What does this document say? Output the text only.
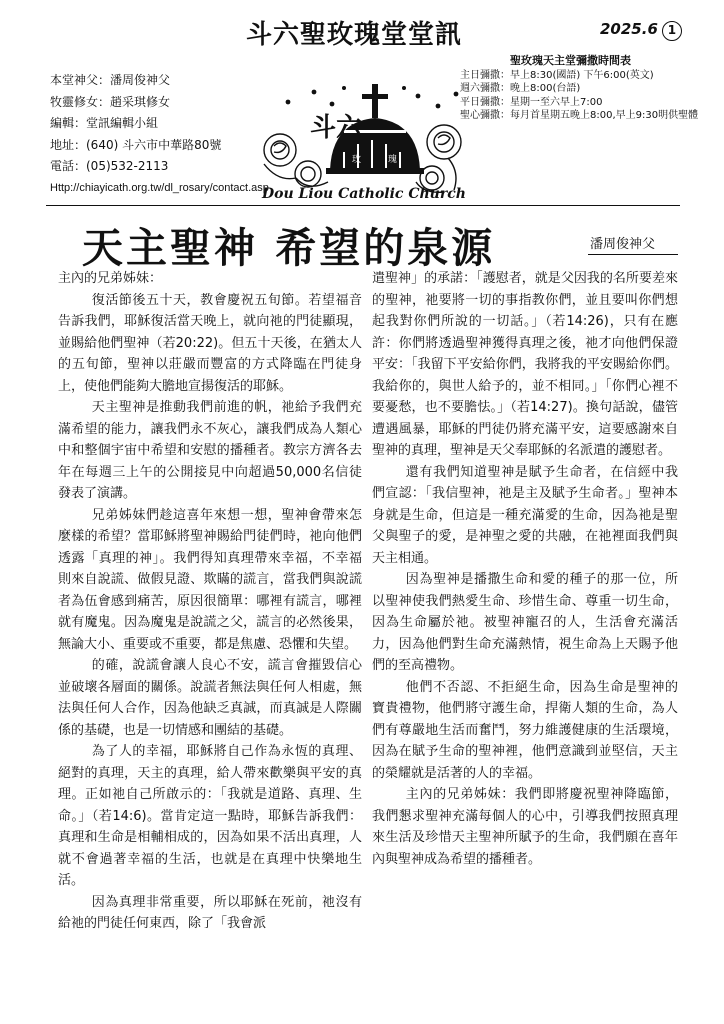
斗六聖玫瑰堂堂訊	2025.6 1
本堂神父：潘周俊神父
牧靈修女：趙采琪修女
編輯：堂訊編輯小組
地址：(640) 斗六市中華路80號
電話：(05)532-2113
Http://chiayicath.org.tw/dl_rosary/contact.asp
斗六
玫	瑰
Dou Liou Catholic Church
聖玫瑰天主堂彌撒時間表
主日彌撒：早上8:30(國語) 下午6:00(英文)
週六彌撒：晚上8:00(台語)
平日彌撒：星期一至六早上7:00
聖心彌撒：每月首星期五晚上8:00,早上9:30明供聖體
天主聖神 希望的泉源	潘周俊神父

主內的兄弟姊妹：

復活節後五十天，教會慶祝五旬節。若望福音告訴我們，耶穌復活當天晚上，就向祂的門徒顯現，並賜給他們聖神（若20:22)。但五十天後，在猶太人的五旬節，聖神以莊嚴而豐富的方式降臨在門徒身上，使他們能夠大膽地宣揚復活的耶穌。

天主聖神是推動我們前進的帆，祂給予我們充滿希望的能力，讓我們永不灰心，讓我們成為人類心中和整個宇宙中希望和安慰的播種者。教宗方濟各去年在每週三上午的公開接見中向超過50,000名信徒發表了演講。

兄弟姊妹們趁這喜年來想一想，聖神會帶來怎麼樣的希望？當耶穌將聖神賜給門徒們時，祂向他們透露「真理的神」。我們得知真理帶來幸福，不幸福則來自說謊、做假見證、欺瞞的謊言，當我們與說謊者為伍會感到痛苦，原因很簡單：哪裡有謊言，哪裡就有魔鬼。因為魔鬼是說謊之父，謊言的必然後果，無論大小、重要或不重要，都是焦慮、恐懼和失望。

的確，說謊會讓人良心不安，謊言會摧毀信心並破壞各層面的關係。說謊者無法與任何人相處，無法與任何人合作，因為他缺乏真誠，而真誠是人際關係的基礎，也是一切情感和團結的基礎。

為了人的幸福，耶穌將自己作為永恆的真理、絕對的真理，天主的真理，給人帶來歡樂與平安的真理。正如祂自己所啟示的：「我就是道路、真理、生命。」（若14:6)。當肯定這一點時，耶穌告訴我們：真理和生命是相輔相成的，因為如果不活出真理，人就不會過著幸福的生活，也就是在真理中快樂地生活。

因為真理非常重要，所以耶穌在死前，祂沒有給祂的門徒任何東西，除了「我會派

遣聖神」的承諾：「護慰者，就是父因我的名所要差來的聖神，祂要將一切的事指教你們，並且要叫你們想起我對你們所說的一切話。」（若14:26)，只有在應許：你們將透過聖神獲得真理之後，祂才向他們保證平安：「我留下平安給你們，我將我的平安賜給你們。我給你的，與世人給予的，並不相同。」「你們心裡不要憂愁，也不要膽怯。」（若14:27)。換句話說，儘管遭遇風暴，耶穌的門徒仍將充滿平安，這要感謝來自聖神的真理，聖神是天父奉耶穌的名派遣的護慰者。

還有我們知道聖神是賦予生命者，在信經中我們宣認：「我信聖神，祂是主及賦予生命者。」聖神本身就是生命，但這是一種充滿愛的生命，因為祂是聖父與聖子的愛，是神聖之愛的共融，在祂裡面我們與天主相通。

因為聖神是播撒生命和愛的種子的那一位，所以聖神使我們熱愛生命、珍惜生命、尊重一切生命，因為生命屬於祂。被聖神寵召的人，生活會充滿活力，因為他們對生命充滿熱情，視生命為上天賜予他們的至高禮物。

他們不否認、不拒絕生命，因為生命是聖神的寶貴禮物，他們將守護生命，捍衛人類的生命，為人們有尊嚴地生活而奮鬥，努力維護健康的生活環境，因為在賦予生命的聖神裡，他們意識到並堅信，天主的榮耀就是活著的人的幸福。

主內的兄弟姊妹：我們即將慶祝聖神降臨節，我們懇求聖神充滿每個人的心中，引導我們按照真理來生活及珍惜天主聖神所賦予的生命，我們願在喜年內與聖神成為希望的播種者。
